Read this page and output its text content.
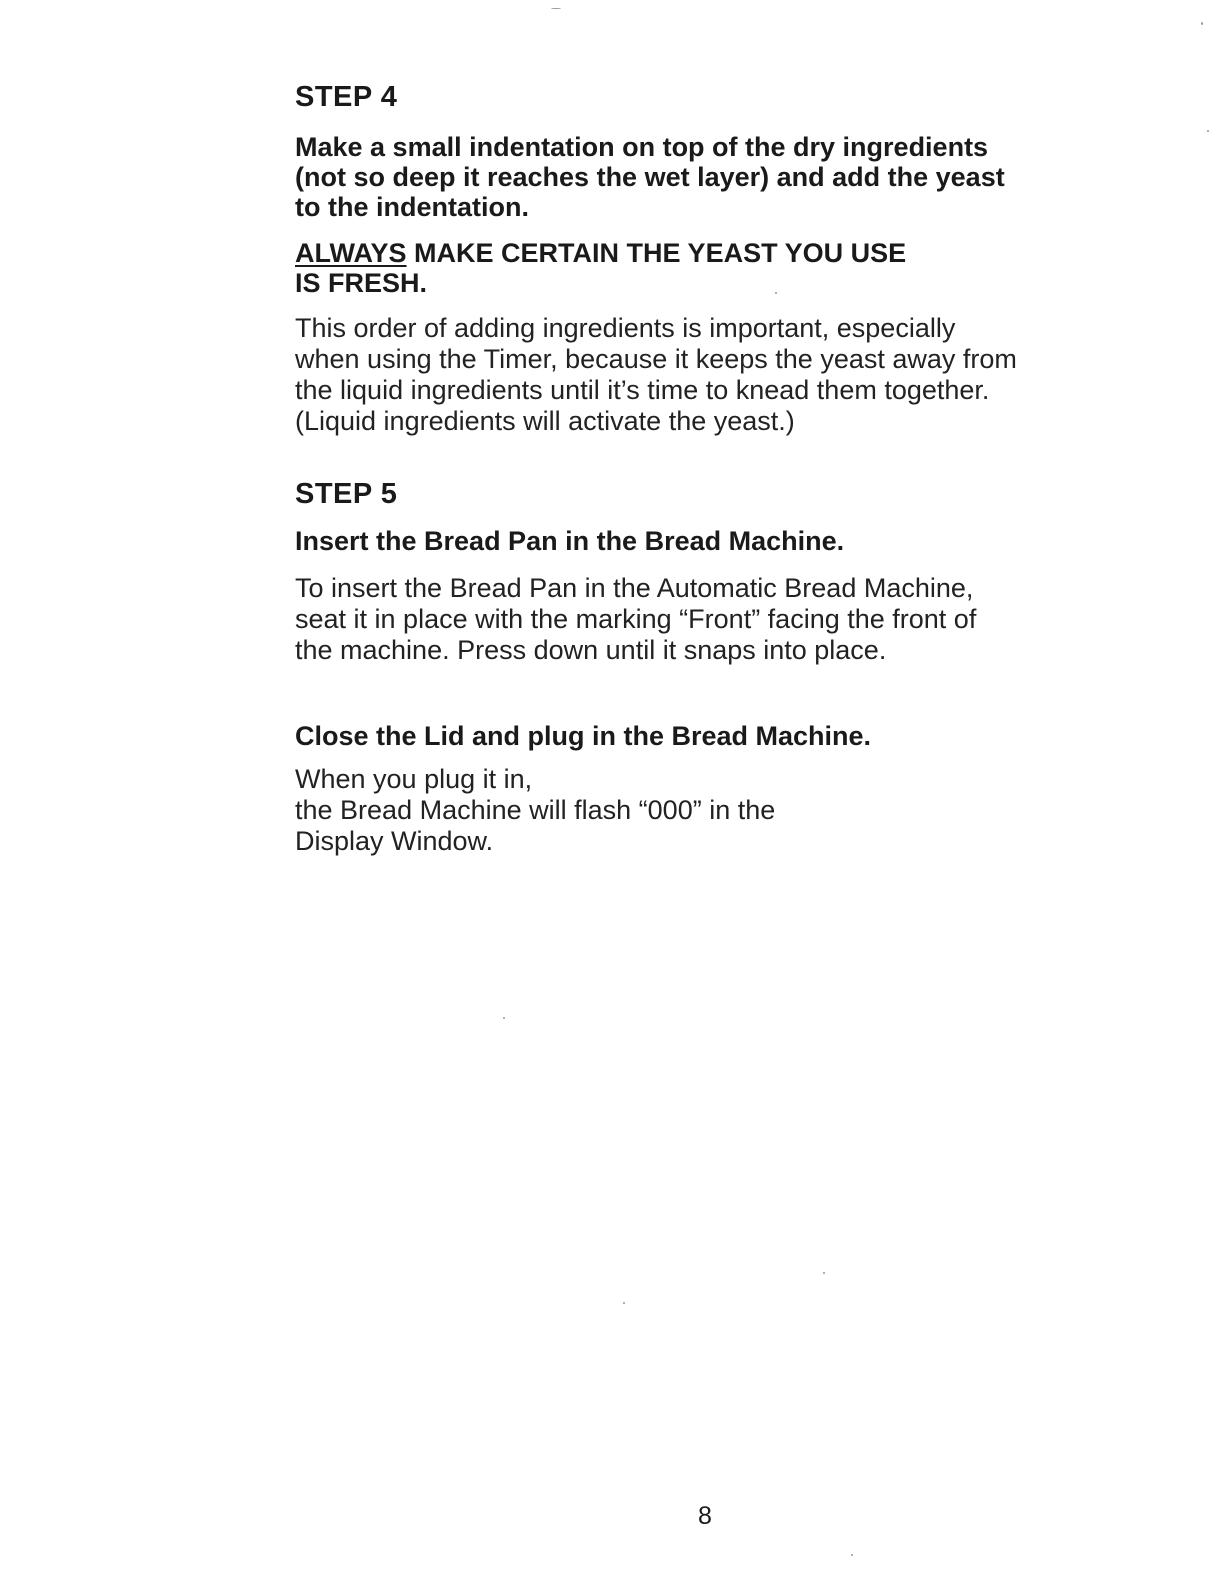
STEP 4

Make a small indentation on top of the dry ingredients
(not so deep it reaches the wet layer) and add the yeast
to the indentation.

ALWAYS MAKE CERTAIN THE YEAST YOU USE
IS FRESH.

This order of adding ingredients is important, especially
when using the Timer, because it keeps the yeast away from
the liquid ingredients until it’s time to knead them together.
(Liquid ingredients will activate the yeast.)

STEP 5

Insert the Bread Pan in the Bread Machine.

To insert the Bread Pan in the Automatic Bread Machine,
seat it in place with the marking “Front” facing the front of
the machine. Press down until it snaps into place.

Close the Lid and plug in the Bread Machine.

When you plug it in,
the Bread Machine will flash “000” in the
Display Window.

8
